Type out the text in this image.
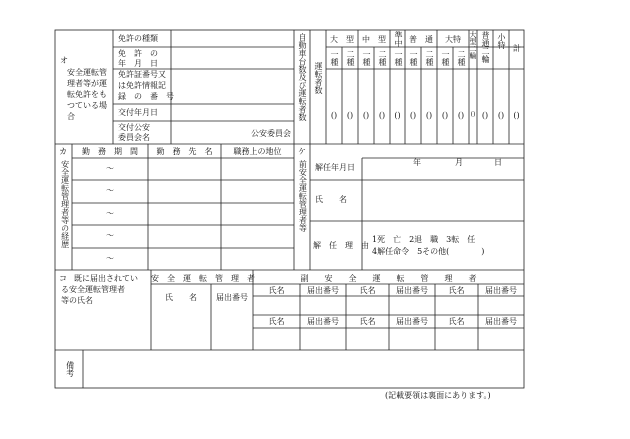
オ
安全運転管
理者等が運
転免許をも
つている場
合
免許の種類
免　許　の
年　月　日
免許証番号又
は免許情報記
録　の　番　号
交付年月日
交付公安
委員会名	公安委員会
自動車台数及び運転者数 運転者数
大　型	中　型	準中 普　通	大特	大型二輪 普通二輪 小特 計
一種 二種 一種 二種 一種 一種 二種 一種 二種
()	()	()	()	()	()	()	()	()	() ()	()	()
カ
安全運転管理者等の経歴
勤　務　期　間	勤　務　先　名	職務上の地位
〜
〜
〜
〜
〜
ケ
前安全運転管理者等 解任年月日
年	月	日
氏　　名
解　任　理　由
1死　亡　2退　職　3転　任
4解任命令　5その他(　　　　)
コ 既に届出されてい
る安全運転管理者
等の氏名
安　全　運　転　管　理　者
氏　　名	届出番号
副　　安　　全　　運　　転　　管　　理　　者
氏名	届出番号	氏名	届出番号	氏名	届出番号
氏名	届出番号	氏名	届出番号	氏名	届出番号
備考
(記載要領は裏面にあります。)
